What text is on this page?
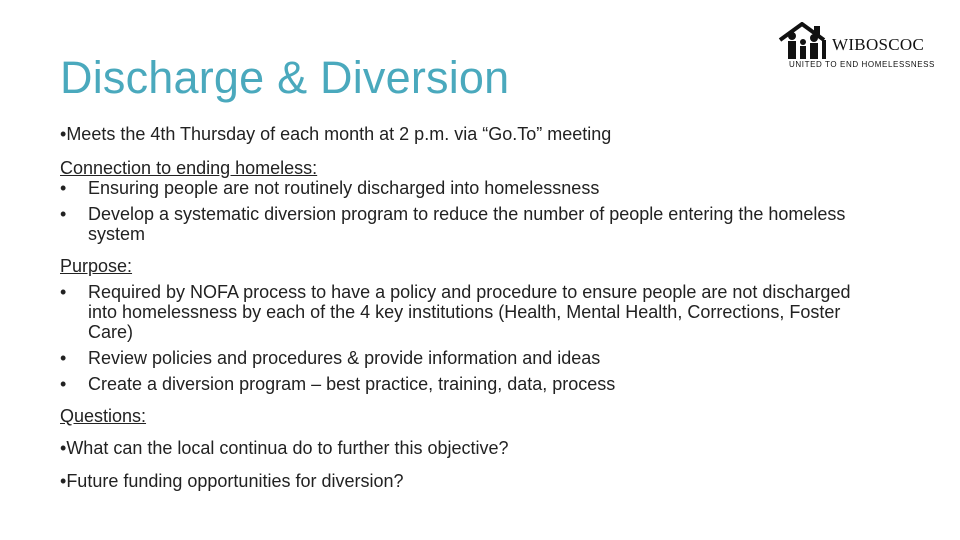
Discharge & Diversion
WIBOSCOC
UNITED TO END HOMELESSNESS

• Meets the 4th Thursday of each month at 2 p.m. via “Go.To” meeting

Connection to ending homeless:

•	Ensuring people are not routinely discharged into homelessness
•	Develop a systematic diversion program to reduce the number of people entering the homeless system

Purpose:

•	Required by NOFA process to have a policy and procedure to ensure people are not discharged into homelessness by each of the 4 key institutions (Health, Mental Health, Corrections, Foster Care)
•	Review policies and procedures & provide information and ideas
•	Create a diversion program – best practice, training, data, process

Questions:

• What can the local continua do to further this objective?

• Future funding opportunities for diversion?
